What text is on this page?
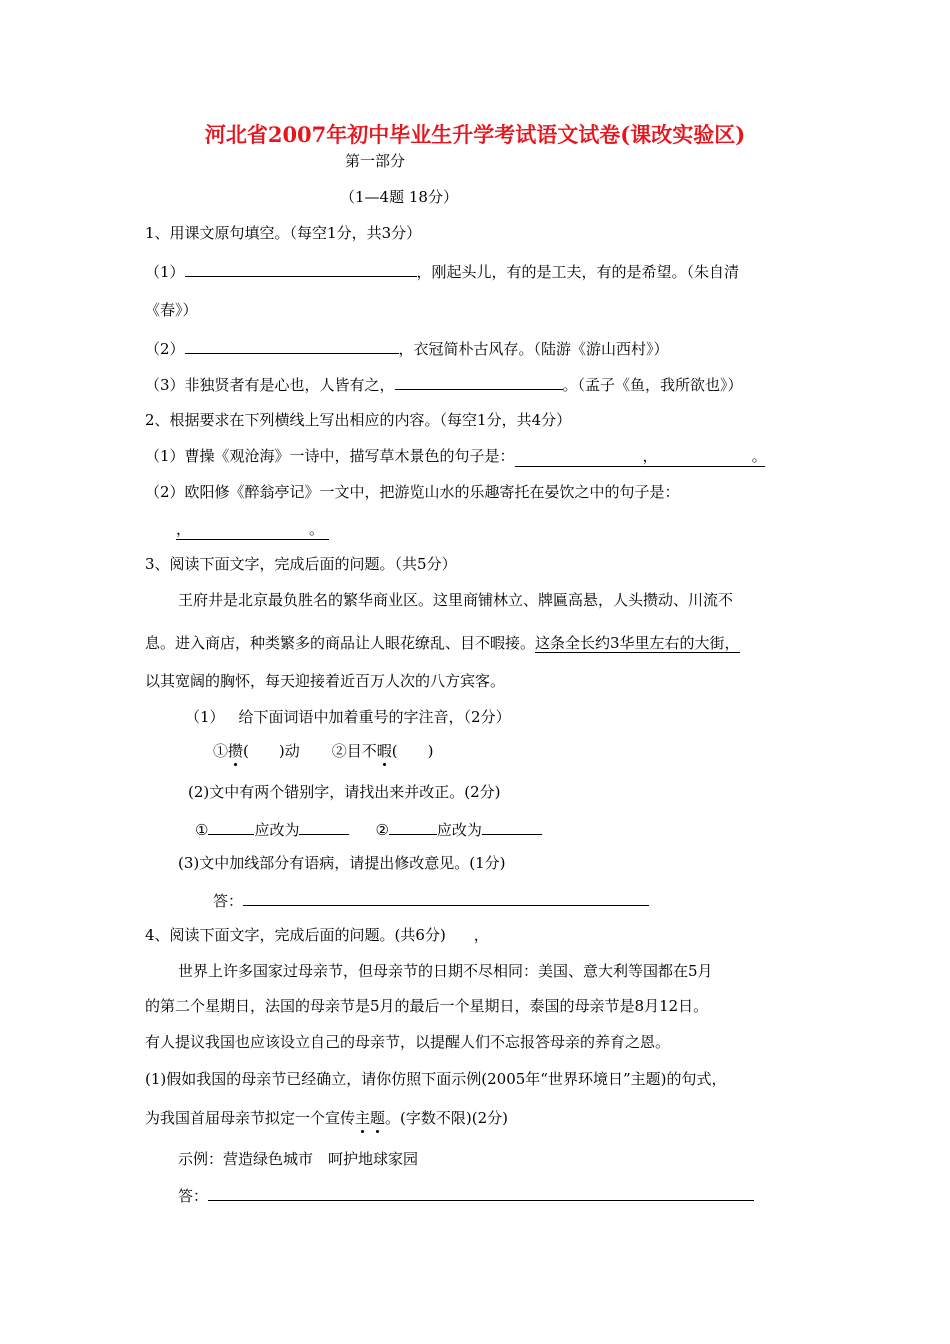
河北省2007年初中毕业生升学考试语文试卷(课改实验区)
第一部分
（1—4题 18分）
1、用课文原句填空。（每空1分，共3分）
（1）	，刚起头儿，有的是工夫，有的是希望。（朱自清
《春》）
（2）	，衣冠简朴古风存。（陆游《游山西村》）
（3）非独贤者有是心也，人皆有之，	。（孟子《鱼，我所欲也》）
2、根据要求在下列横线上写出相应的内容。（每空1分，共4分）
（1）曹操《观沧海》一诗中，描写草木景色的句子是：	，	。
（2）欧阳修《醉翁亭记》一文中，把游览山水的乐趣寄托在晏饮之中的句子是：
，	。
3、阅读下面文字，完成后面的问题。（共5分）
王府井是北京最负胜名的繁华商业区。这里商铺林立、牌匾高悬，人头攒动、川流不
息。进入商店，种类繁多的商品让人眼花缭乱、目不暇接。这条全长约3华里左右的大街，
以其宽阔的胸怀，每天迎接着近百万人次的八方宾客。
（1） 给下面词语中加着重号的字注音，（2分）
①攒(　　)动 ②目不暇(　　)
(2)文中有两个错别字，请找出来并改正。(2分)
①	应改为	②	应改为
(3)文中加线部分有语病，请提出修改意见。(1分)
答：
4、阅读下面文字，完成后面的问题。(共6分) ，
世界上许多国家过母亲节，但母亲节的日期不尽相同：美国、意大利等国都在5月
的第二个星期日，法国的母亲节是5月的最后一个星期日，泰国的母亲节是8月12日。
有人提议我国也应该设立自己的母亲节，以提醒人们不忘报答母亲的养育之恩。
(1)假如我国的母亲节已经确立，请你仿照下面示例(2005年“世界环境日”主题)的句式，
为我国首届母亲节拟定一个宣传主题。(字数不限)(2分)
示例：营造绿色城市　呵护地球家园
答：
